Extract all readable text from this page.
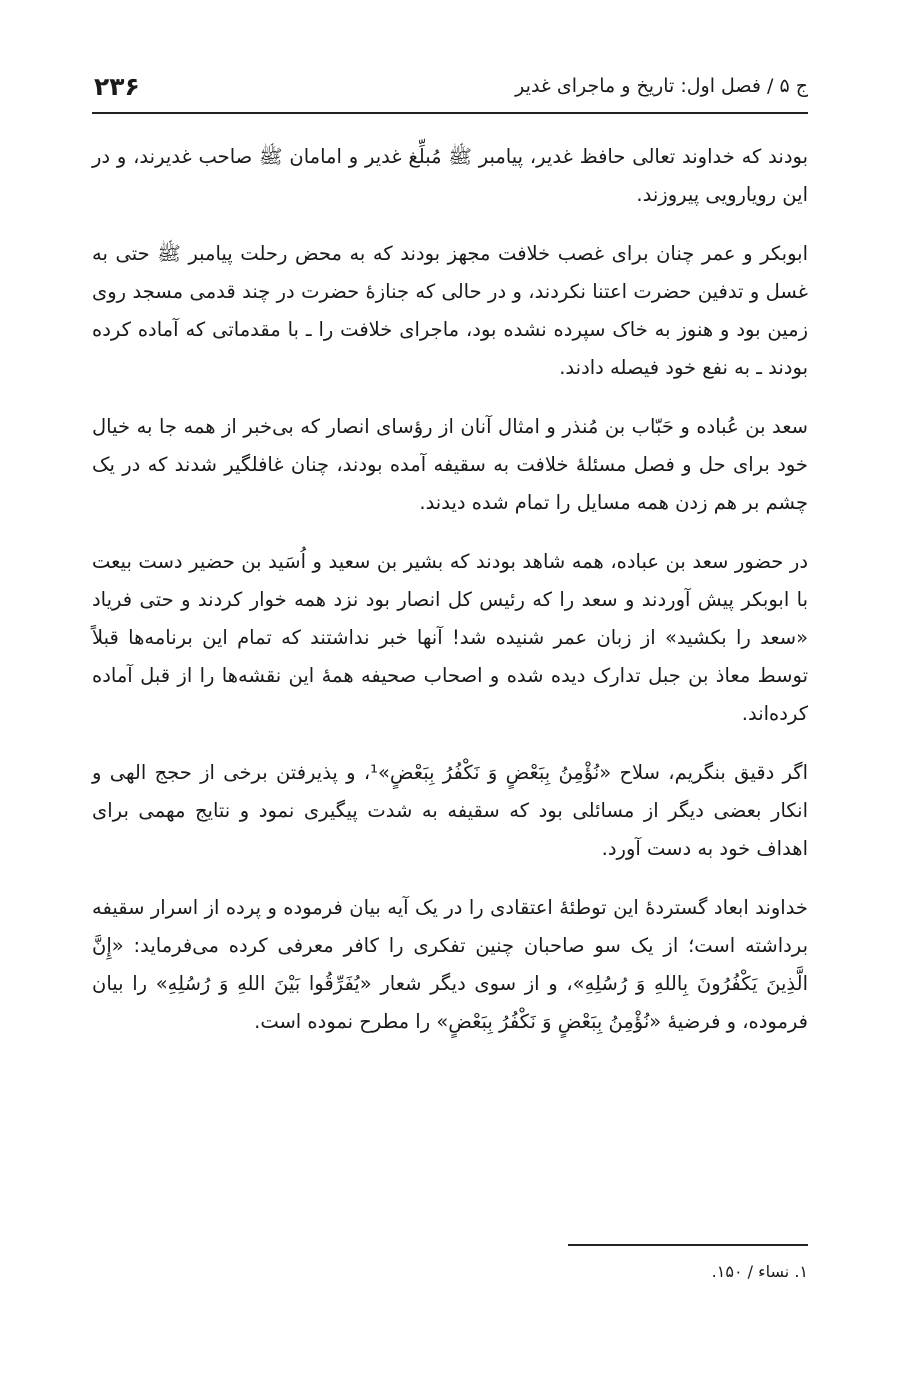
۲۳۶	ج ۵ / فصل اول: تاریخ و ماجرای غدیر

بودند که خداوند تعالی حافظ غدیر، پیامبر ﷺ مُبلِّغ غدیر و امامان ﷺ صاحب غدیرند، و در این رویارویی پیروزند.

ابوبکر و عمر چنان برای غصب خلافت مجهز بودند که به محض رحلت پیامبر ﷺ حتی به غسل و تدفین حضرت اعتنا نکردند، و در حالی که جنازهٔ حضرت در چند قدمی مسجد روی زمین بود و هنوز به خاک سپرده نشده بود، ماجرای خلافت را ـ با مقدماتی که آماده کرده بودند ـ به نفع خود فیصله دادند.

سعد بن عُباده و حَبّاب بن مُنذر و امثال آنان از رؤسای انصار که بی‌خبر از همه جا به خیال خود برای حل و فصل مسئلهٔ خلافت به سقیفه آمده بودند، چنان غافلگیر شدند که در یک چشم بر هم زدن همه مسایل را تمام شده دیدند.

در حضور سعد بن عباده، همه شاهد بودند که بشیر بن سعید و اُسَید بن حضیر دست بیعت با ابوبکر پیش آوردند و سعد را که رئیس کل انصار بود نزد همه خوار کردند و حتی فریاد «سعد را بکشید» از زبان عمر شنیده شد! آنها خبر نداشتند که تمام این برنامه‌ها قبلاً توسط معاذ بن جبل تدارک دیده شده و اصحاب صحیفه همهٔ این نقشه‌ها را از قبل آماده کرده‌اند.

اگر دقیق بنگریم، سلاح «نُؤْمِنُ بِبَعْضٍ وَ نَكْفُرُ بِبَعْضٍ»¹، و پذیرفتن برخی از حجج الهی و انکار بعضی دیگر از مسائلی بود که سقیفه به شدت پیگیری نمود و نتایج مهمی برای اهداف خود به دست آورد.

خداوند ابعاد گستردهٔ این توطئهٔ اعتقادی را در یک آیه بیان فرموده و پرده از اسرار سقیفه برداشته است؛ از یک سو صاحبان چنین تفکری را کافر معرفی کرده می‌فرماید: «إِنَّ الَّذِينَ يَكْفُرُونَ بِاللهِ وَ رُسُلِهِ»، و از سوی دیگر شعار «يُفَرِّقُوا بَيْنَ اللهِ وَ رُسُلِهِ» را بیان فرموده، و فرضیهٔ «نُؤْمِنُ بِبَعْضٍ وَ نَكْفُرُ بِبَعْضٍ» را مطرح نموده است.

۱. نساء / ۱۵۰.
